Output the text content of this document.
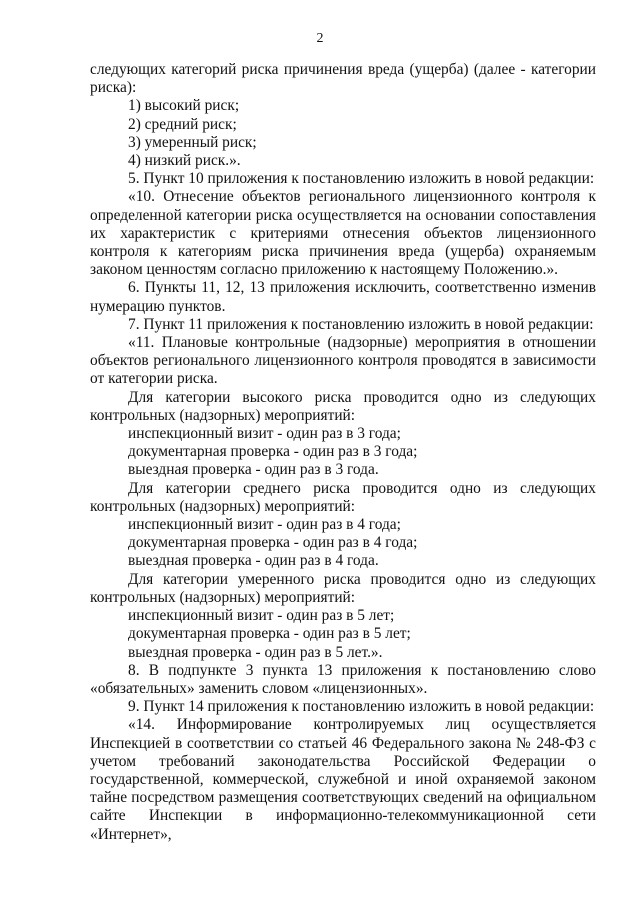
2

следующих категорий риска причинения вреда (ущерба) (далее - категории риска):

1) высокий риск;

2) средний риск;

3) умеренный риск;

4) низкий риск.».

5. Пункт 10 приложения к постановлению изложить в новой редакции:

«10. Отнесение объектов регионального лицензионного контроля к определенной категории риска осуществляется на основании сопоставления их характеристик с критериями отнесения объектов лицензионного контроля к категориям риска причинения вреда (ущерба) охраняемым законом ценностям согласно приложению к настоящему Положению.».

6. Пункты 11, 12, 13 приложения исключить, соответственно изменив нумерацию пунктов.

7. Пункт 11 приложения к постановлению изложить в новой редакции:

«11. Плановые контрольные (надзорные) мероприятия в отношении объектов регионального лицензионного контроля проводятся в зависимости от категории риска.

Для категории высокого риска проводится одно из следующих контрольных (надзорных) мероприятий:

инспекционный визит - один раз в 3 года;

документарная проверка - один раз в 3 года;

выездная проверка - один раз в 3 года.

Для категории среднего риска проводится одно из следующих контрольных (надзорных) мероприятий:

инспекционный визит - один раз в 4 года;

документарная проверка - один раз в 4 года;

выездная проверка - один раз в 4 года.

Для категории умеренного риска проводится одно из следующих контрольных (надзорных) мероприятий:

инспекционный визит - один раз в 5 лет;

документарная проверка - один раз в 5 лет;

выездная проверка - один раз в 5 лет.».

8. В подпункте 3 пункта 13 приложения к постановлению слово «обязательных» заменить словом «лицензионных».

9. Пункт 14 приложения к постановлению изложить в новой редакции:

«14. Информирование контролируемых лиц осуществляется Инспекцией в соответствии со статьей 46 Федерального закона № 248-ФЗ с учетом требований законодательства Российской Федерации о государственной, коммерческой, служебной и иной охраняемой законом тайне посредством размещения соответствующих сведений на официальном сайте Инспекции в информационно-телекоммуникационной сети «Интернет»,
